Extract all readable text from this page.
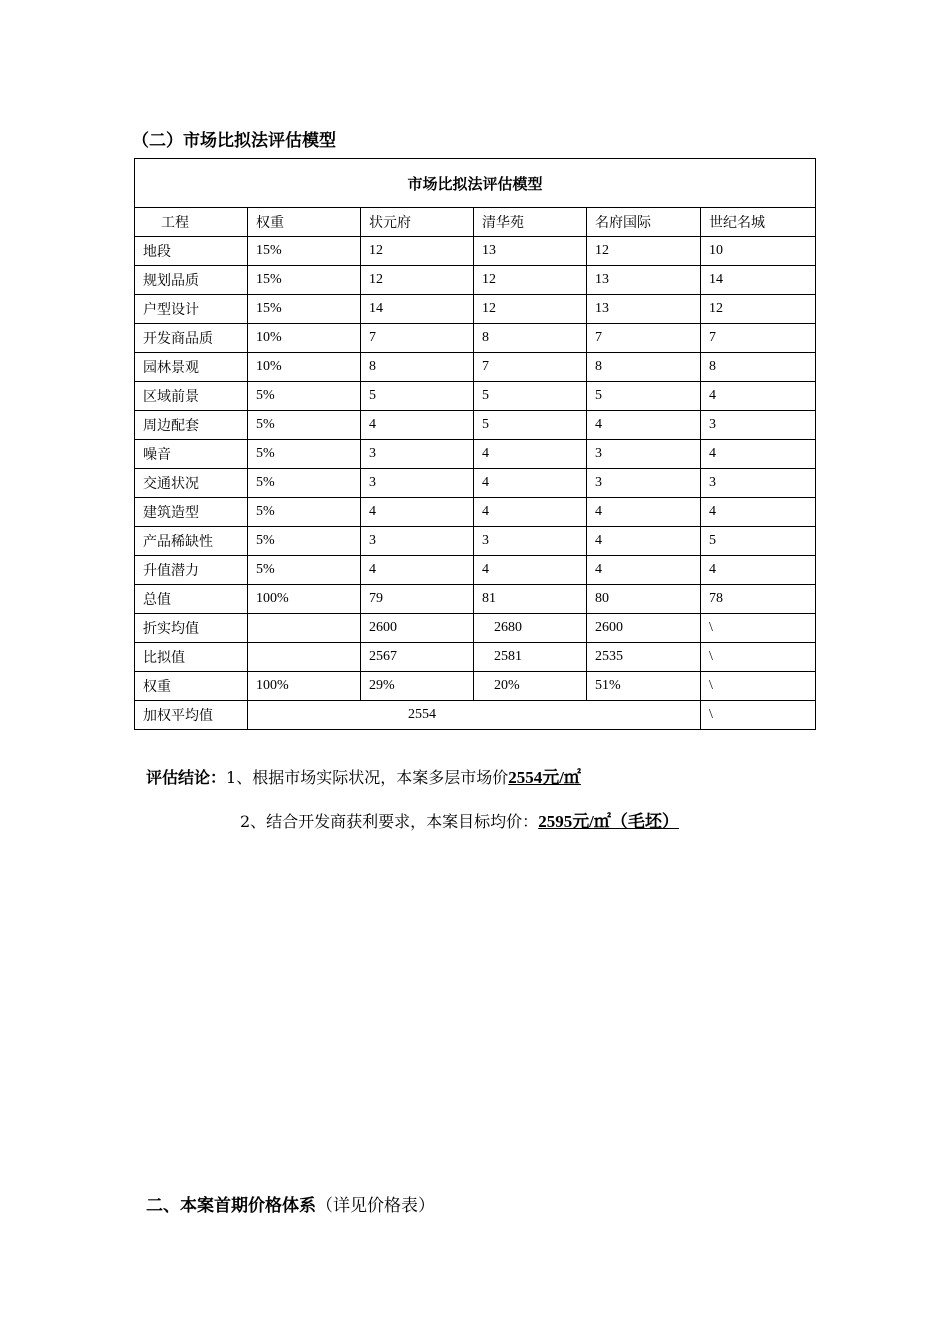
（二）市场比拟法评估模型
市场比拟法评估模型					
工程	权重	状元府	清华苑	名府国际	世纪名城
地段	15%	12	13	12	10
规划品质	15%	12	12	13	14
户型设计	15%	14	12	13	12
开发商品质	10%	7	8	7	7
园林景观	10%	8	7	8	8
区域前景	5%	5	5	5	4
周边配套	5%	4	5	4	3
噪音	5%	3	4	3	4
交通状况	5%	3	4	3	3
建筑造型	5%	4	4	4	4
产品稀缺性	5%	3	3	4	5
升值潜力	5%	4	4	4	4
总值	100%	79	81	80	78
折实均值		2600	2680	2600	\
比拟值		2567	2581	2535	\
权重	100%	29%	20%	51%	\
加权平均值	2554				\
评估结论：1、根据市场实际状况，本案多层市场价2554元/㎡
2、结合开发商获利要求，本案目标均价：2595元/㎡（毛坯）
二、本案首期价格体系（详见价格表）
